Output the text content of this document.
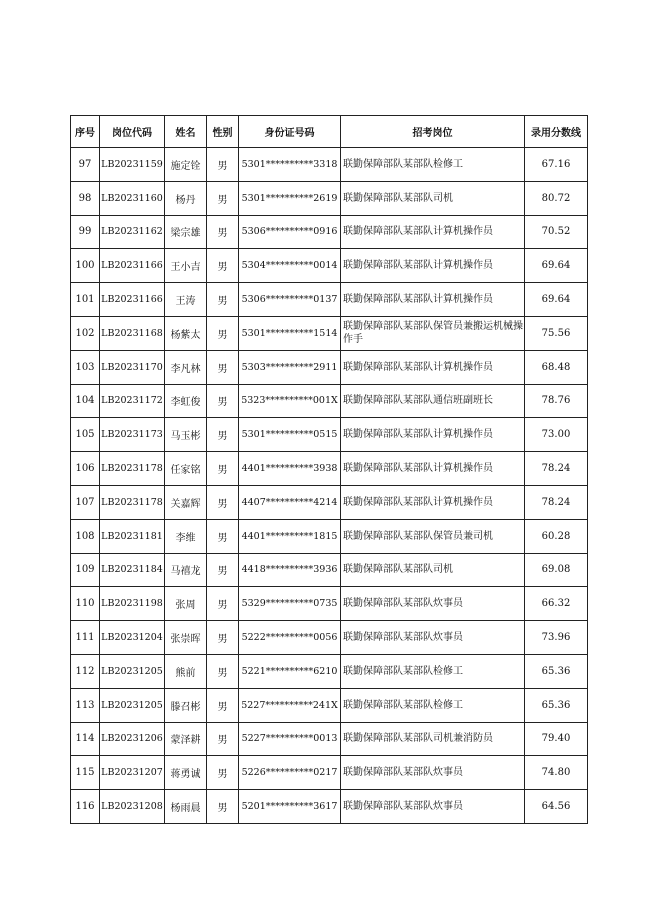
序号	岗位代码	姓名	性别	身份证号码	招考岗位	录用分数线
97	LB20231159	施定铨	男	5301**********3318	联勤保障部队某部队检修工	67.16
98	LB20231160	杨丹	男	5301**********2619	联勤保障部队某部队司机	80.72
99	LB20231162	梁宗雄	男	5306**********0916	联勤保障部队某部队计算机操作员	70.52
100	LB20231166	王小吉	男	5304**********0014	联勤保障部队某部队计算机操作员	69.64
101	LB20231166	王涛	男	5306**********0137	联勤保障部队某部队计算机操作员	69.64
102	LB20231168	杨紫太	男	5301**********1514	联勤保障部队某部队保管员兼搬运机械操作手	75.56
103	LB20231170	李凡林	男	5303**********2911	联勤保障部队某部队计算机操作员	68.48
104	LB20231172	李虹俊	男	5323**********001X	联勤保障部队某部队通信班副班长	78.76
105	LB20231173	马玉彬	男	5301**********0515	联勤保障部队某部队计算机操作员	73.00
106	LB20231178	任家铭	男	4401**********3938	联勤保障部队某部队计算机操作员	78.24
107	LB20231178	关嘉辉	男	4407**********4214	联勤保障部队某部队计算机操作员	78.24
108	LB20231181	李维	男	4401**********1815	联勤保障部队某部队保管员兼司机	60.28
109	LB20231184	马禧龙	男	4418**********3936	联勤保障部队某部队司机	69.08
110	LB20231198	张周	男	5329**********0735	联勤保障部队某部队炊事员	66.32
111	LB20231204	张崇晖	男	5222**********0056	联勤保障部队某部队炊事员	73.96
112	LB20231205	熊前	男	5221**********6210	联勤保障部队某部队检修工	65.36
113	LB20231205	滕召彬	男	5227**********241X	联勤保障部队某部队检修工	65.36
114	LB20231206	蒙泽耕	男	5227**********0013	联勤保障部队某部队司机兼消防员	79.40
115	LB20231207	蒋勇诚	男	5226**********0217	联勤保障部队某部队炊事员	74.80
116	LB20231208	杨雨晨	男	5201**********3617	联勤保障部队某部队炊事员	64.56
